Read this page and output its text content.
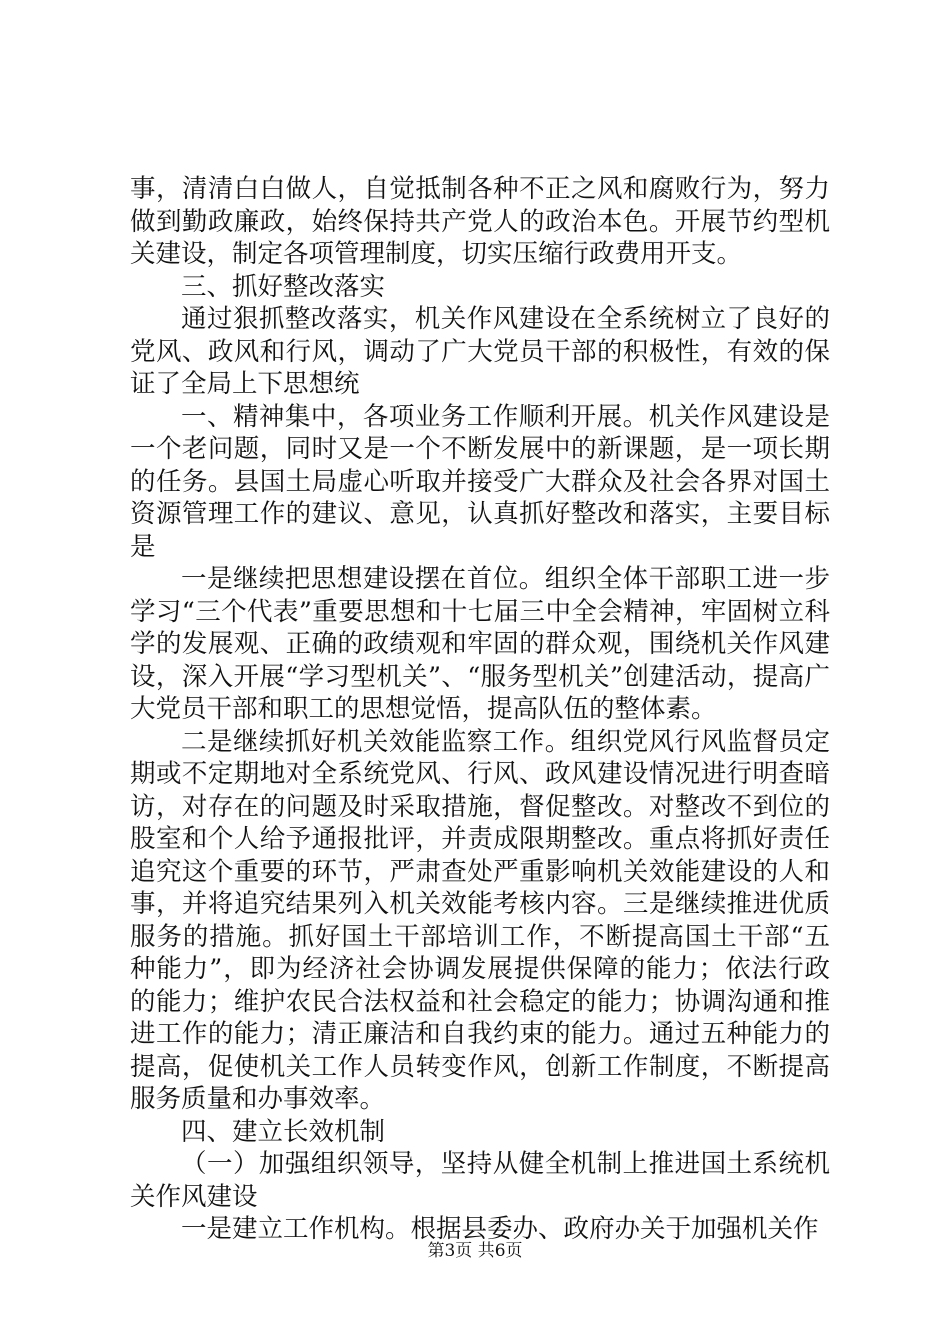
事，清清白白做人，自觉抵制各种不正之风和腐败行为，努力做到勤政廉政，始终保持共产党人的政治本色。开展节约型机关建设，制定各项管理制度，切实压缩行政费用开支。

三、抓好整改落实

通过狠抓整改落实，机关作风建设在全系统树立了良好的党风、政风和行风，调动了广大党员干部的积极性，有效的保证了全局上下思想统

一、精神集中，各项业务工作顺利开展。机关作风建设是一个老问题，同时又是一个不断发展中的新课题，是一项长期的任务。县国土局虚心听取并接受广大群众及社会各界对国土资源管理工作的建议、意见，认真抓好整改和落实，主要目标是

一是继续把思想建设摆在首位。组织全体干部职工进一步学习“三个代表”重要思想和十七届三中全会精神，牢固树立科学的发展观、正确的政绩观和牢固的群众观，围绕机关作风建设，深入开展“学习型机关”、“服务型机关”创建活动，提高广大党员干部和职工的思想觉悟，提高队伍的整体素。

二是继续抓好机关效能监察工作。组织党风行风监督员定期或不定期地对全系统党风、行风、政风建设情况进行明查暗访，对存在的问题及时采取措施，督促整改。对整改不到位的股室和个人给予通报批评，并责成限期整改。重点将抓好责任追究这个重要的环节，严肃查处严重影响机关效能建设的人和事，并将追究结果列入机关效能考核内容。三是继续推进优质服务的措施。抓好国土干部培训工作，不断提高国土干部“五种能力”，即为经济社会协调发展提供保障的能力；依法行政的能力；维护农民合法权益和社会稳定的能力；协调沟通和推进工作的能力；清正廉洁和自我约束的能力。通过五种能力的提高，促使机关工作人员转变作风，创新工作制度，不断提高服务质量和办事效率。

四、建立长效机制

（一）加强组织领导，坚持从健全机制上推进国土系统机关作风建设

一是建立工作机构。根据县委办、政府办关于加强机关作

第3页 共6页
